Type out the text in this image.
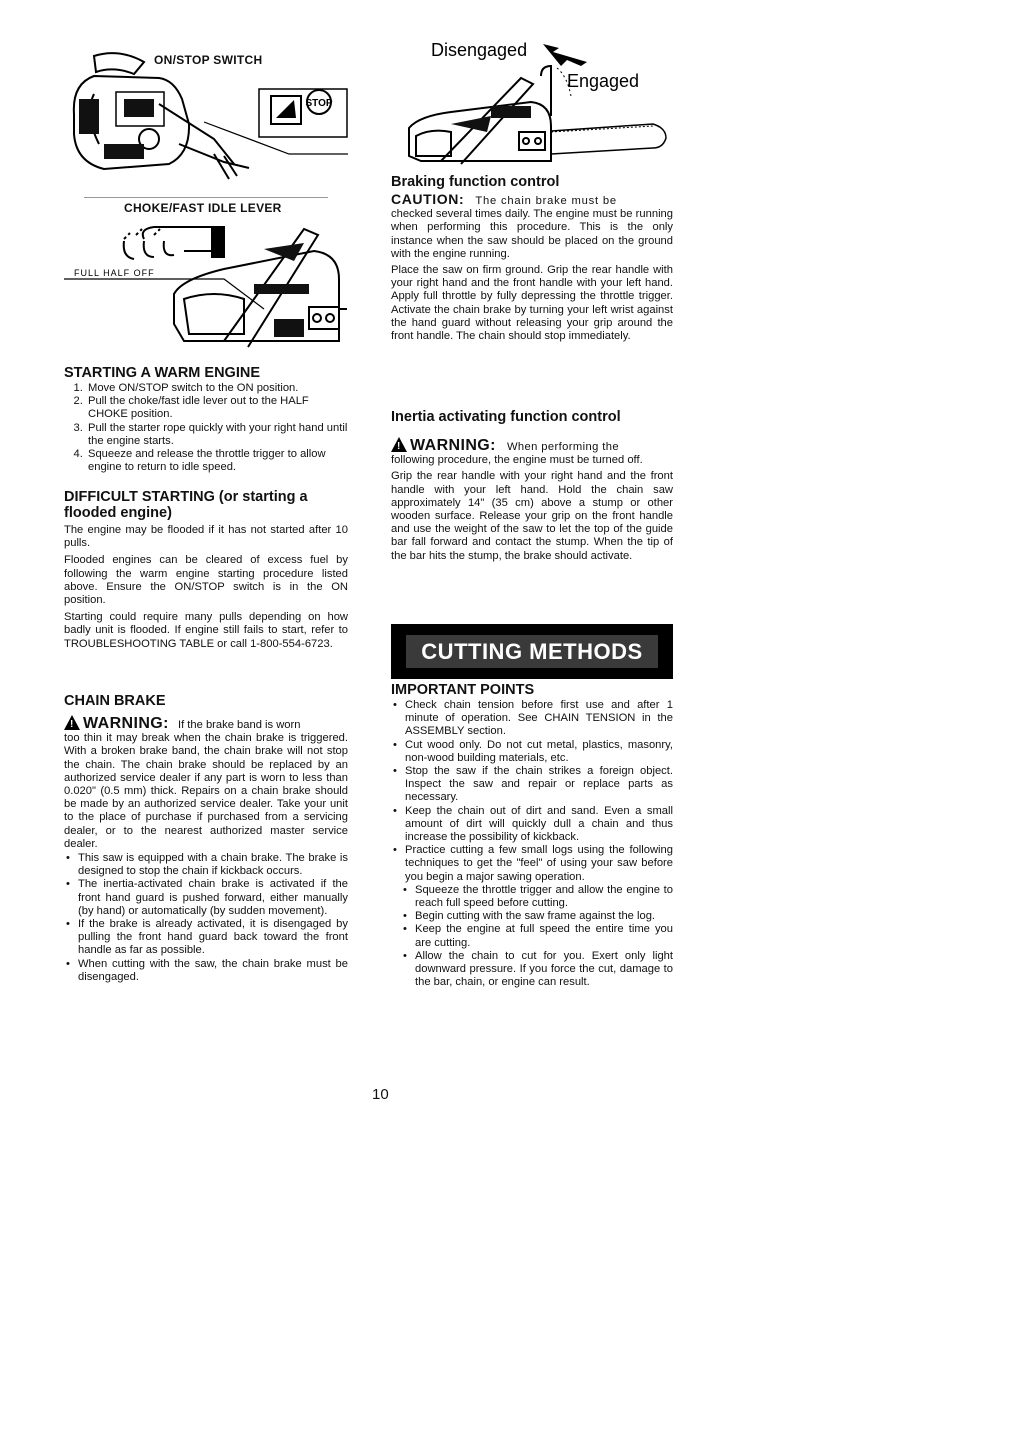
ON/STOP SWITCH
STOP
CHOKE/FAST IDLE LEVER
FULL HALF OFF
STARTING A WARM ENGINE
1. Move ON/STOP switch to the ON position.
2. Pull the choke/fast idle lever out to the HALF CHOKE position.
3. Pull the starter rope quickly with your right hand until the engine starts.
4. Squeeze and release the throttle trigger to allow engine to return to idle speed.
DIFFICULT STARTING (or starting a flooded engine)

The engine may be flooded if it has not started after 10 pulls.

Flooded engines can be cleared of excess fuel by following the warm engine starting procedure listed above. Ensure the ON/STOP switch is in the ON position.

Starting could require many pulls depending on how badly unit is flooded. If engine still fails to start, refer to TROUBLESHOOTING TABLE or call 1-800-554-6723.

CHAIN BRAKE
!WARNING: If the brake band is worn

too thin it may break when the chain brake is triggered. With a broken brake band, the chain brake will not stop the chain. The chain brake should be replaced by an authorized service dealer if any part is worn to less than 0.020" (0.5 mm) thick. Repairs on a chain brake should be made by an authorized service dealer. Take your unit to the place of purchase if purchased from a servicing dealer, or to the nearest authorized master service dealer.

• This saw is equipped with a chain brake. The brake is designed to stop the chain if kickback occurs.
• The inertia-activated chain brake is activated if the front hand guard is pushed forward, either manually (by hand) or automatically (by sudden movement).
• If the brake is already activated, it is disengaged by pulling the front hand guard back toward the front handle as far as possible.
• When cutting with the saw, the chain brake must be disengaged.
Disengaged
Engaged
Braking function control
CAUTION: The chain brake must be

checked several times daily. The engine must be running when performing this procedure. This is the only instance when the saw should be placed on the ground with the engine running.

Place the saw on firm ground. Grip the rear handle with your right hand and the front handle with your left hand. Apply full throttle by fully depressing the throttle trigger. Activate the chain brake by turning your left wrist against the hand guard without releasing your grip around the front handle. The chain should stop immediately.

Inertia activating function control
!WARNING: When performing the

following procedure, the engine must be turned off.

Grip the rear handle with your right hand and the front handle with your left hand. Hold the chain saw approximately 14" (35 cm) above a stump or other wooden surface. Release your grip on the front handle and use the weight of the saw to let the top of the guide bar fall forward and contact the stump. When the tip of the bar hits the stump, the brake should activate.

CUTTING METHODS
IMPORTANT POINTS
• Check chain tension before first use and after 1 minute of operation. See CHAIN TENSION in the ASSEMBLY section.
• Cut wood only. Do not cut metal, plastics, masonry, non-wood building materials, etc.
• Stop the saw if the chain strikes a foreign object. Inspect the saw and repair or replace parts as necessary.
• Keep the chain out of dirt and sand. Even a small amount of dirt will quickly dull a chain and thus increase the possibility of kickback.
• Practice cutting a few small logs using the following techniques to get the "feel" of using your saw before you begin a major sawing operation.
• Squeeze the throttle trigger and allow the engine to reach full speed before cutting.
• Begin cutting with the saw frame against the log.
• Keep the engine at full speed the entire time you are cutting.
• Allow the chain to cut for you. Exert only light downward pressure. If you force the cut, damage to the bar, chain, or engine can result.
10
